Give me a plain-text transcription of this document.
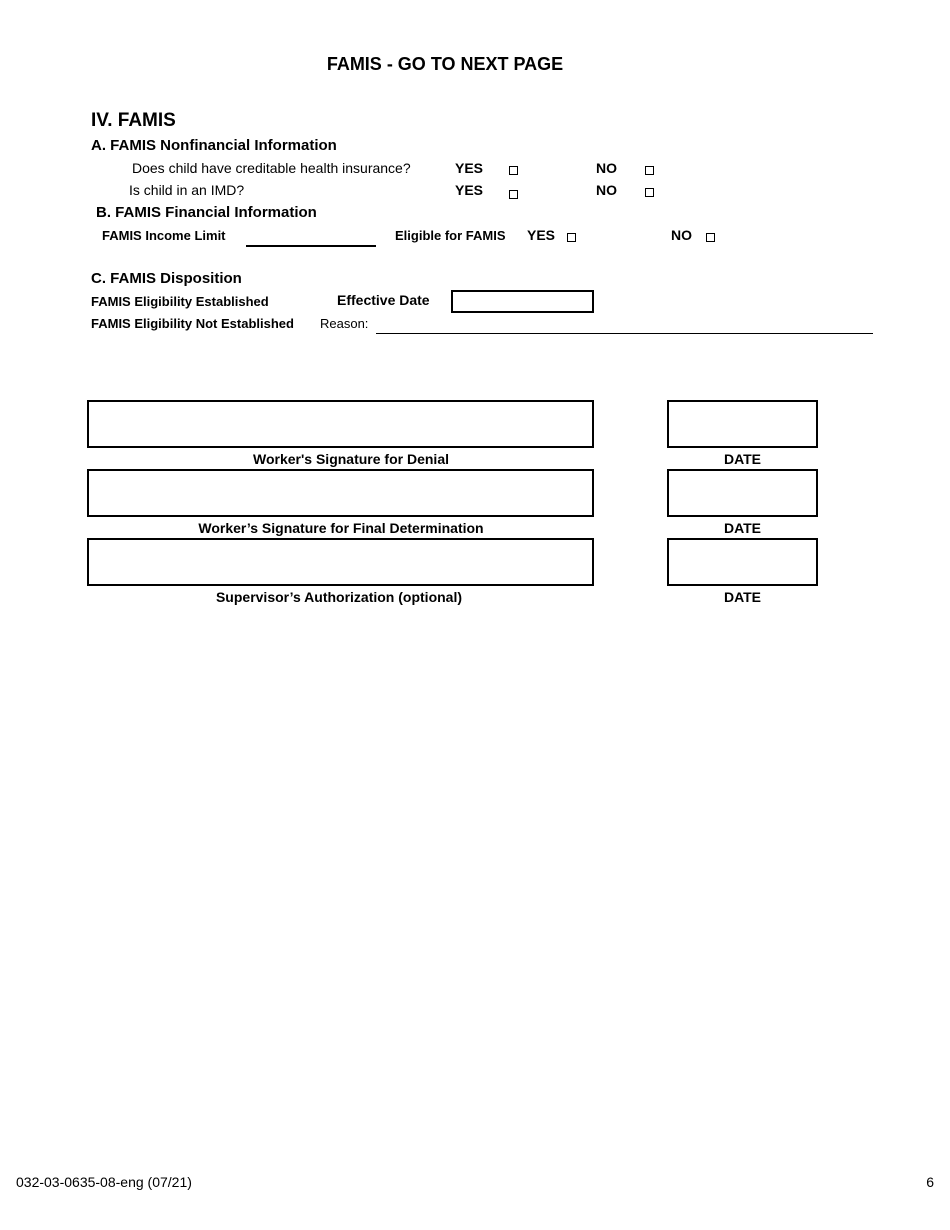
FAMIS - GO TO NEXT PAGE
IV. FAMIS
A. FAMIS Nonfinancial Information
Does child have creditable health insurance?	YES	NO
Is child in an IMD?	YES	NO
B. FAMIS Financial Information
FAMIS Income Limit	Eligible for FAMIS YES	NO
C. FAMIS Disposition
FAMIS Eligibility Established	Effective Date
FAMIS Eligibility Not Established Reason:
Worker's Signature for Denial	DATE
Worker’s Signature for Final Determination	DATE
Supervisor’s Authorization (optional)	DATE
032-03-0635-08-eng (07/21)	6
